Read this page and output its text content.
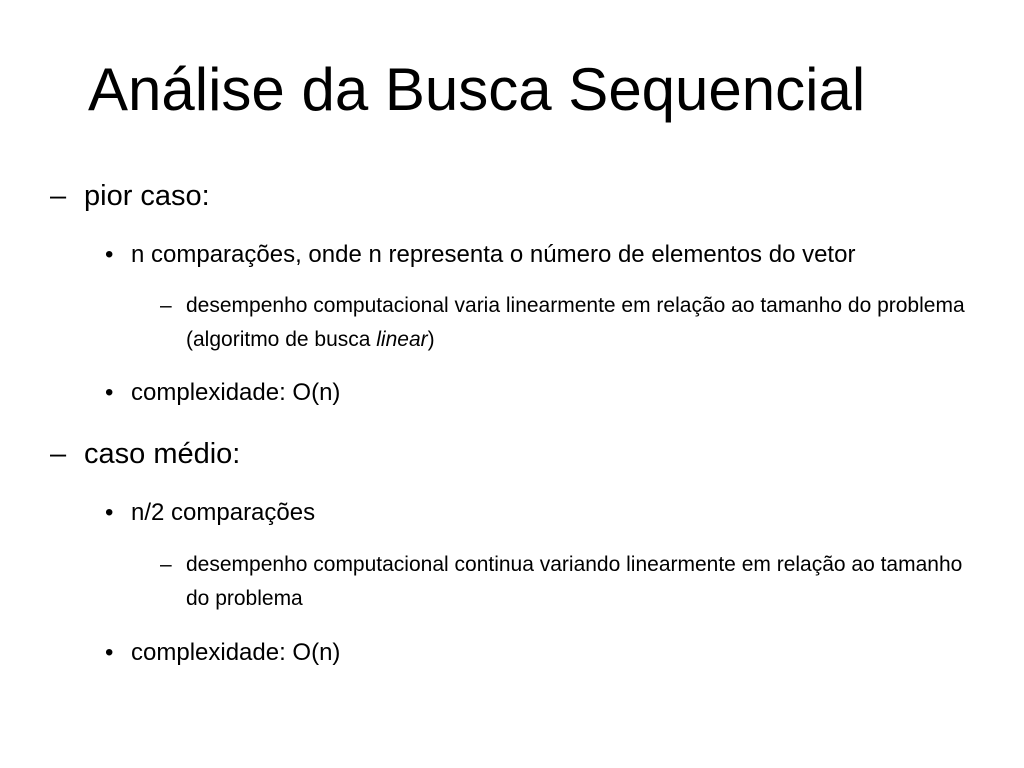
Análise da Busca Sequencial
– pior caso:
• n comparações, onde n representa o número de elementos do vetor
– desempenho computacional varia linearmente em relação ao tamanho do problema (algoritmo de busca linear)
• complexidade: O(n)
– caso médio:
• n/2 comparações
– desempenho computacional continua variando linearmente em relação ao tamanho do problema
• complexidade: O(n)
